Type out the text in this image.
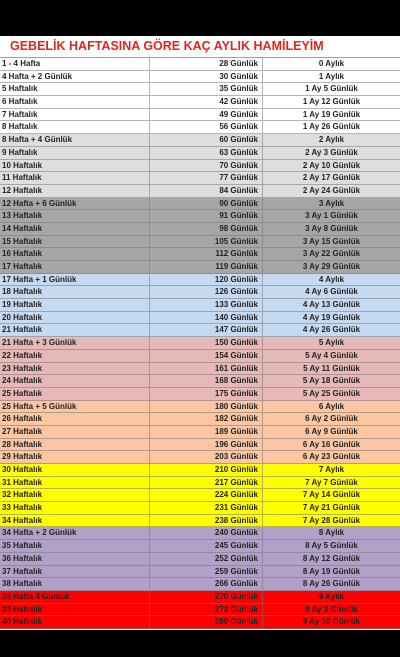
GEBELİK HAFTASINA GÖRE KAÇ AYLIK HAMİLEYİM
1 - 4 Hafta	28 Günlük	0 Aylık
4 Hafta + 2 Günlük	30 Günlük	1 Aylık
5 Haftalık	35 Günlük	1 Ay 5 Günlük
6 Haftalık	42 Günlük	1 Ay 12 Günlük
7 Haftalık	49 Günlük	1 Ay 19 Günlük
8 Haftalık	56 Günlük	1 Ay 26 Günlük
8 Hafta + 4 Günlük	60 Günlük	2 Aylık
9 Haftalık	63 Günlük	2 Ay 3 Günlük
10 Haftalık	70 Günlük	2 Ay 10 Günlük
11 Haftalık	77 Günlük	2 Ay 17 Günlük
12 Haftalık	84 Günlük	2 Ay 24 Günlük
12 Hafta + 6 Günlük	90 Günlük	3 Aylık
13 Haftalık	91 Günlük	3 Ay 1 Günlük
14 Haftalık	98 Günlük	3 Ay 8 Günlük
15 Haftalık	105 Günlük	3 Ay 15 Günlük
16 Haftalık	112 Günlük	3 Ay 22 Günlük
17 Haftalık	119 Günlük	3 Ay 29 Günlük
17 Hafta + 1 Günlük	120 Günlük	4 Aylık
18 Haftalık	126 Günlük	4 Ay 6 Günlük
19 Haftalık	133 Günlük	4 Ay 13 Günlük
20 Haftalık	140 Günlük	4 Ay 19 Günlük
21 Haftalık	147 Günlük	4 Ay 26 Günlük
21 Hafta + 3 Günlük	150 Günlük	5 Aylık
22 Haftalık	154 Günlük	5 Ay 4 Günlük
23 Haftalık	161 Günlük	5 Ay 11 Günlük
24 Haftalık	168 Günlük	5 Ay 18 Günlük
25 Haftalık	175 Günlük	5 Ay 25 Günlük
25 Hafta + 5 Günlük	180 Günlük	6 Aylık
26 Haftalık	182 Günlük	6 Ay 2 Günlük
27 Haftalık	189 Günlük	6 Ay 9 Günlük
28 Haftalık	196 Günlük	6 Ay 16 Günlük
29 Haftalık	203 Günlük	6 Ay 23 Günlük
30 Haftalık	210 Günlük	7 Aylık
31 Haftalık	217 Günlük	7 Ay 7 Günlük
32 Haftalık	224 Günlük	7 Ay 14 Günlük
33 Haftalık	231 Günlük	7 Ay 21 Günlük
34 Haftalık	238 Günlük	7 Ay 28 Günlük
34 Hafta + 2 Günlük	240 Günlük	8 Aylık
35 Haftalık	245 Günlük	8 Ay 5 Günlük
36 Haftalık	252 Günlük	8 Ay 12 Günlük
37 Haftalık	259 Günlük	8 Ay 19 Günlük
38 Haftalık	266 Günlük	8 Ay 26 Günlük
38 Hafta 4 Günlük	270 Günlük	9 Aylık
39 Haftalık	273 Günlük	9 Ay 3 Günlük
40 Haftalık	280 Günlük	9 Ay 10 Günlük
